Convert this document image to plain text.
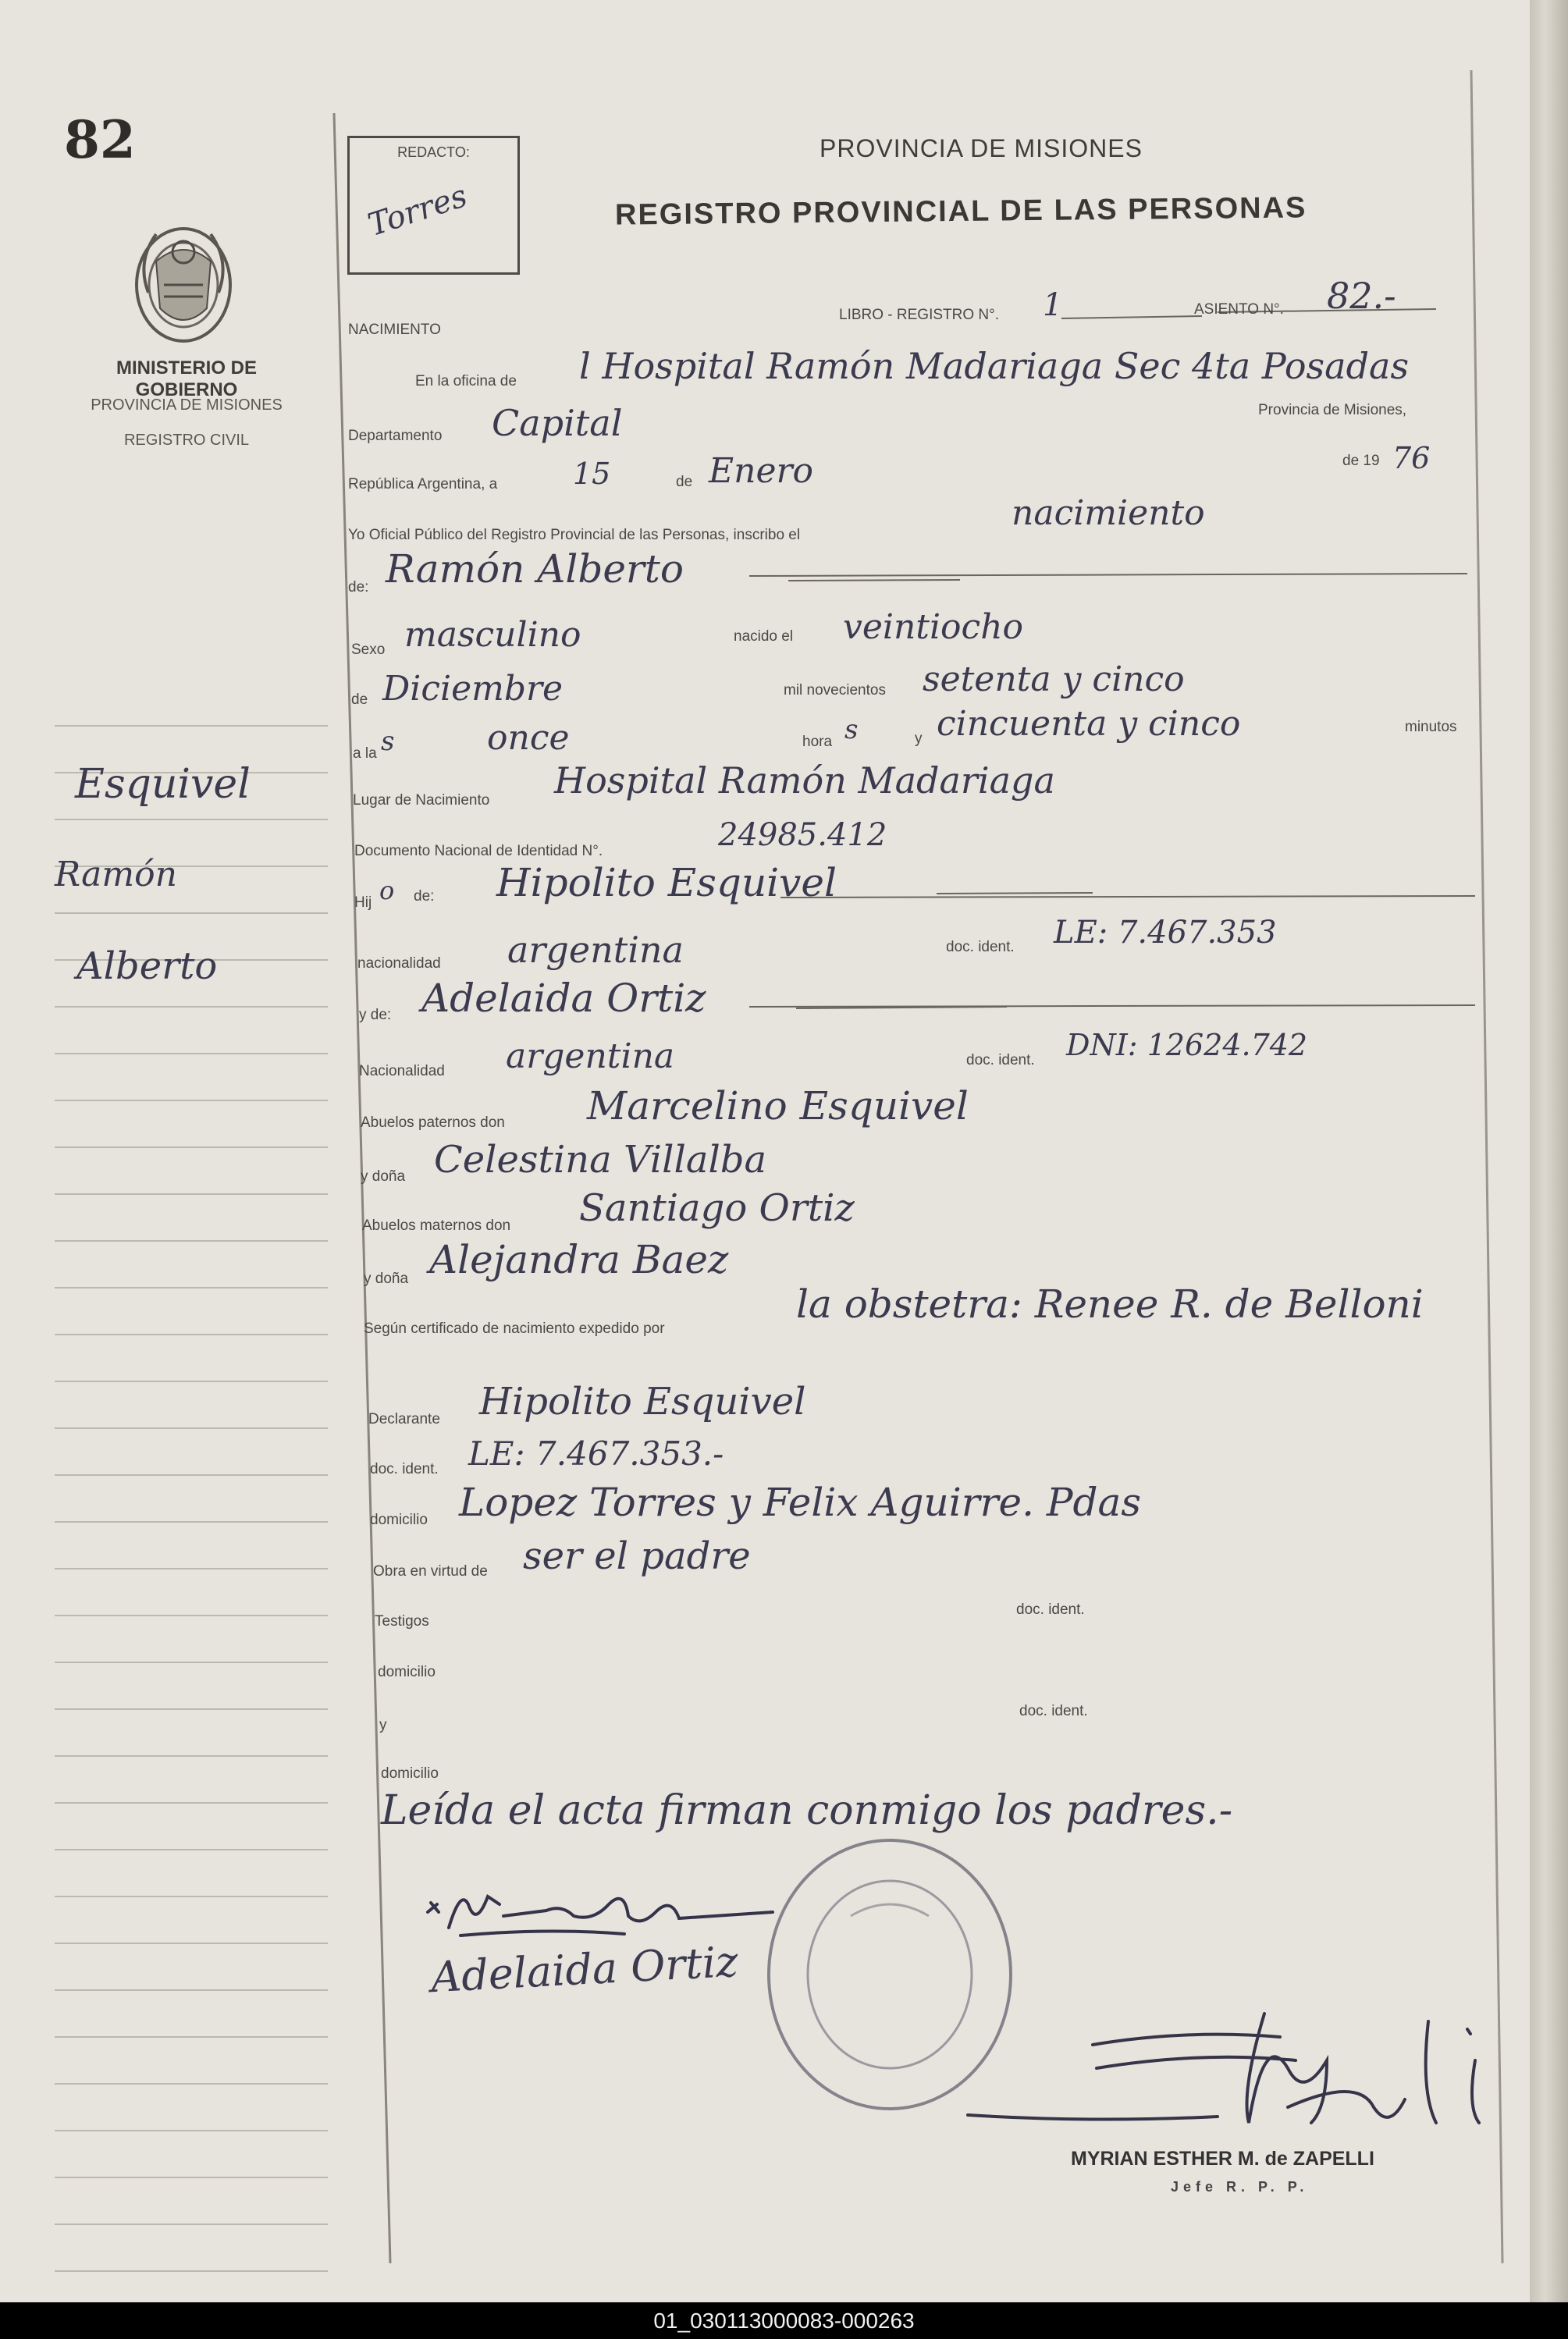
82
MINISTERIO DE GOBIERNO
PROVINCIA DE MISIONES
REGISTRO CIVIL
Esquivel
Ramón
Alberto
REDACTO:
Torres
PROVINCIA DE MISIONES
REGISTRO PROVINCIAL DE LAS PERSONAS
NACIMIENTO
LIBRO - REGISTRO N°. 1	ASIENTO N°. 82.-
En la oficina de l Hospital Ramón Madariaga Sec 4ta Posadas
Provincia de Misiones,
Departamento Capital
República Argentina, a	15	de Enero	de 19 76
Yo Oficial Público del Registro Provincial de las Personas, inscribo el
nacimiento
de: Ramón Alberto
Sexo masculino	nacido el veintiocho
de Diciembre	mil novecientos setenta y cinco
a la s	once	hora s	y cincuenta y cinco	minutos
Lugar de Nacimiento Hospital Ramón Madariaga
Documento Nacional de Identidad N°.	24985.412
Hij o de: Hipolito Esquivel
nacionalidad argentina	doc. ident. LE: 7.467.353
y de: Adelaida Ortiz
Nacionalidad argentina	doc. ident. DNI: 12624.742
Abuelos paternos don Marcelino Esquivel
y doña Celestina Villalba
Abuelos maternos don Santiago Ortiz
y doña Alejandra Baez
Según certificado de nacimiento expedido por
la obstetra: Renee R. de Belloni
Declarante Hipolito Esquivel
doc. ident. LE: 7.467.353.-
domicilio Lopez Torres y Felix Aguirre. Pdas
Obra en virtud de ser el padre
Testigos
doc. ident.
domicilio
y
doc. ident.
domicilio
Leída el acta firman conmigo los padres.-
Adelaida Ortiz
MYRIAN ESTHER M. de ZAPELLI
Jefe R. P. P.
01_030113000083-000263
